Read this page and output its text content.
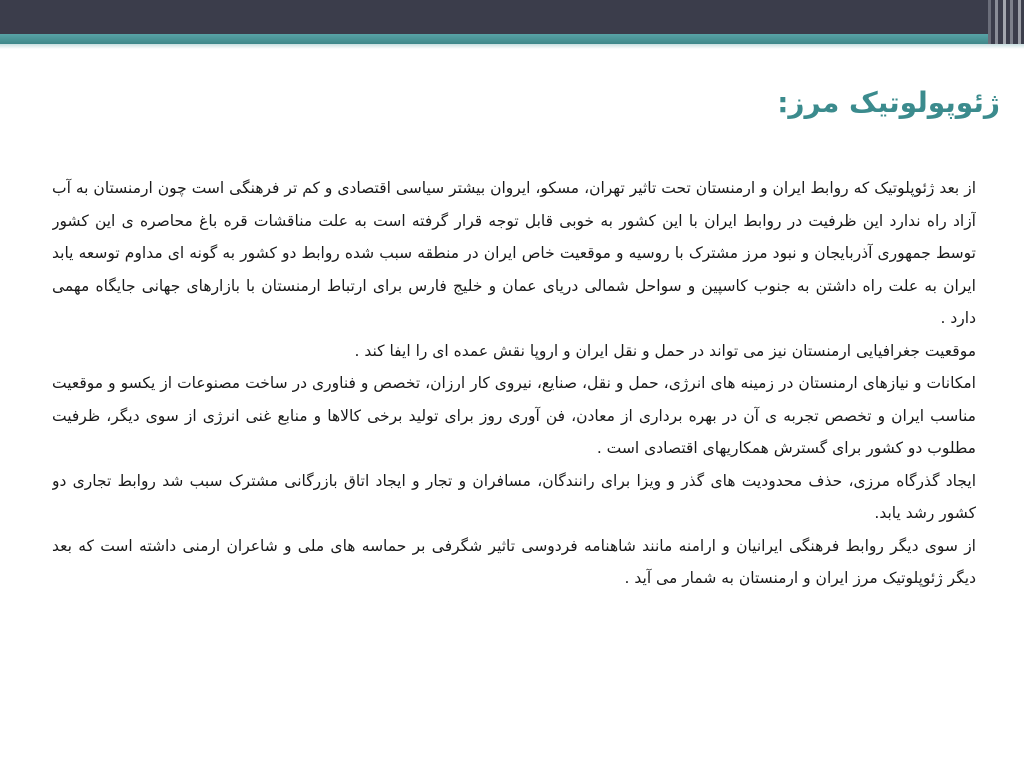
ژئوپولوتیک مرز:

از بعد ژئوپلوتیک که روابط ایران و ارمنستان تحت تاثیر تهران، مسکو، ایروان بیشتر سیاسی اقتصادی و کم تر فرهنگی است چون ارمنستان به آب آزاد راه ندارد این ظرفیت در روابط ایران با این کشور به خوبی قابل توجه قرار گرفته است به علت مناقشات قره باغ محاصره ی این کشور توسط جمهوری آذربایجان و نبود مرز مشترک با روسیه و موقعیت خاص ایران در منطقه سبب شده روابط دو کشور به گونه ای مداوم توسعه یابد ایران به علت راه داشتن به جنوب کاسپین و سواحل شمالی دریای عمان و خلیج فارس برای ارتباط ارمنستان با بازارهای جهانی جایگاه مهمی دارد .

موقعیت جغرافیایی ارمنستان نیز می تواند در حمل و نقل ایران و اروپا نقش عمده ای را ایفا کند .

امکانات و نیازهای ارمنستان در زمینه های انرژی، حمل و نقل، صنایع، نیروی کار ارزان، تخصص و فناوری در ساخت مصنوعات از یکسو و موقعیت مناسب ایران و تخصص تجربه ی آن در بهره برداری از معادن، فن آوری روز برای تولید برخی کالاها و منابع غنی انرژی از سوی دیگر، ظرفیت مطلوب دو کشور برای گسترش همکاریهای اقتصادی است .

ایجاد گذرگاه مرزی، حذف محدودیت های گذر و ویزا برای رانندگان، مسافران و تجار و ایجاد اتاق بازرگانی مشترک سبب شد روابط تجاری دو کشور رشد یابد.

از سوی دیگر روابط فرهنگی ایرانیان و ارامنه مانند شاهنامه فردوسی تاثیر شگرفی بر حماسه های ملی و شاعران ارمنی داشته است که بعد دیگر ژئوپلوتیک مرز ایران و ارمنستان به شمار می آید .
